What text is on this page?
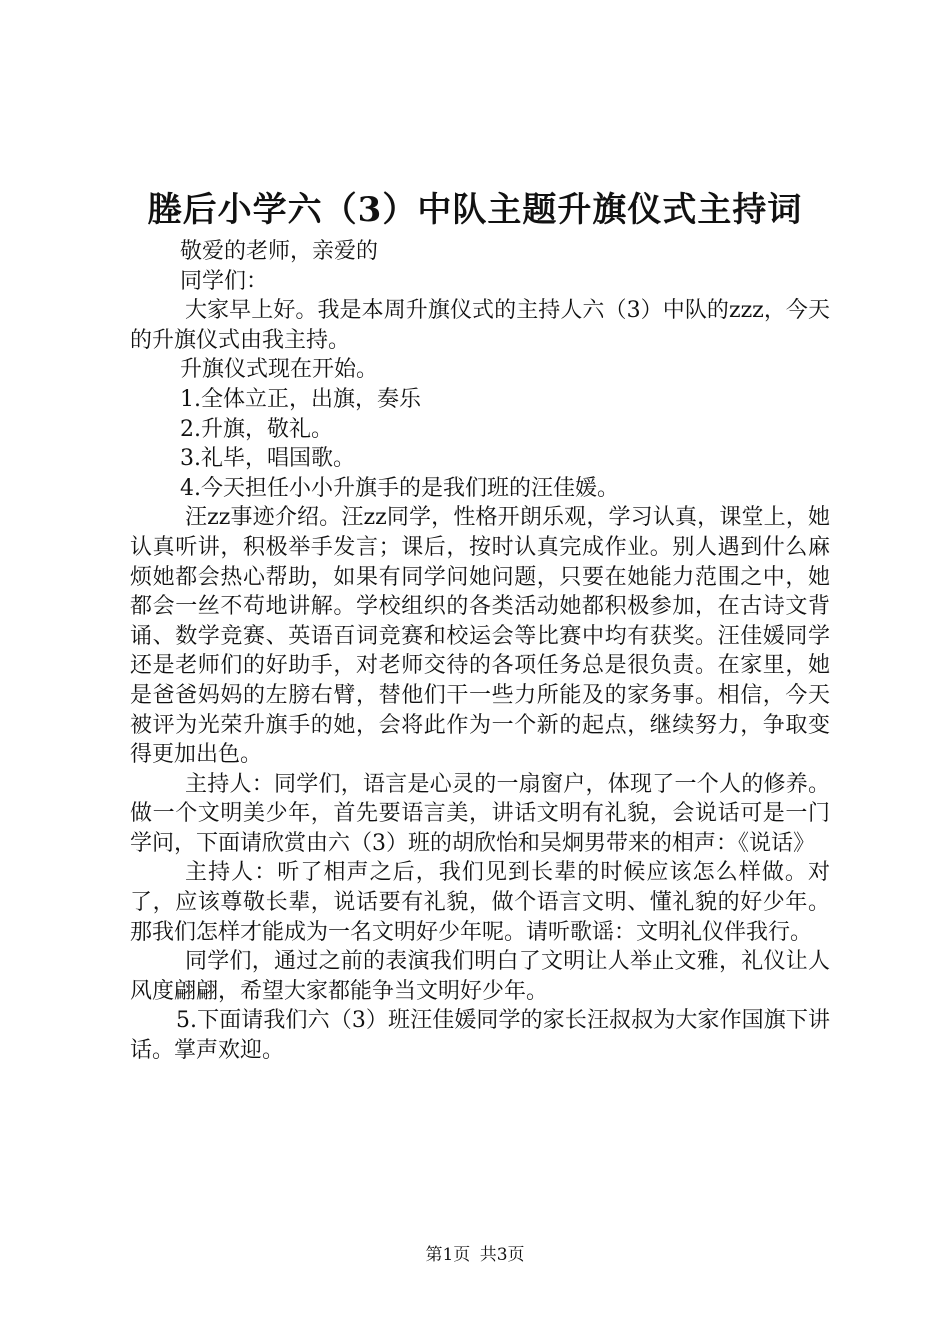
塍后小学六（3）中队主题升旗仪式主持词

敬爱的老师，亲爱的

同学们：

大家早上好。我是本周升旗仪式的主持人六（3）中队的zzz，今天的升旗仪式由我主持。

升旗仪式现在开始。

1.全体立正，出旗，奏乐

2.升旗，敬礼。

3.礼毕，唱国歌。

4.今天担任小小升旗手的是我们班的汪佳媛。

汪zz事迹介绍。汪zz同学，性格开朗乐观，学习认真，课堂上，她认真听讲，积极举手发言；课后，按时认真完成作业。别人遇到什么麻烦她都会热心帮助，如果有同学问她问题，只要在她能力范围之中，她都会一丝不苟地讲解。学校组织的各类活动她都积极参加，在古诗文背诵、数学竞赛、英语百词竞赛和校运会等比赛中均有获奖。汪佳媛同学还是老师们的好助手，对老师交待的各项任务总是很负责。在家里，她是爸爸妈妈的左膀右臂，替他们干一些力所能及的家务事。相信，今天被评为光荣升旗手的她，会将此作为一个新的起点，继续努力，争取变得更加出色。

主持人：同学们，语言是心灵的一扇窗户，体现了一个人的修养。做一个文明美少年，首先要语言美，讲话文明有礼貌，会说话可是一门学问，下面请欣赏由六（3）班的胡欣怡和吴炯男带来的相声：《说话》

主持人：听了相声之后，我们见到长辈的时候应该怎么样做。对了，应该尊敬长辈，说话要有礼貌，做个语言文明、懂礼貌的好少年。那我们怎样才能成为一名文明好少年呢。请听歌谣：文明礼仪伴我行。

同学们，通过之前的表演我们明白了文明让人举止文雅，礼仪让人风度翩翩，希望大家都能争当文明好少年。

5.下面请我们六（3）班汪佳媛同学的家长汪叔叔为大家作国旗下讲话。掌声欢迎。

第1页 共3页
